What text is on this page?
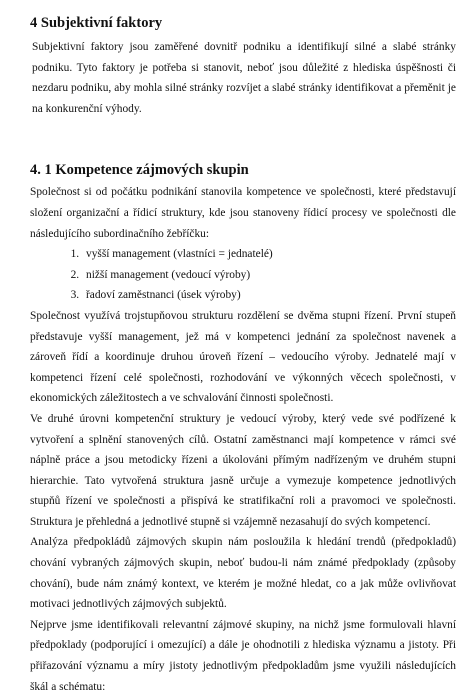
4 Subjektivní faktory

Subjektivní faktory jsou zaměřené dovnitř podniku a identifikují silné a slabé stránky podniku. Tyto faktory je potřeba si stanovit, neboť jsou důležité z hlediska úspěšnosti či nezdaru podniku, aby mohla silné stránky rozvíjet a slabé stránky identifikovat a přeměnit je na konkurenční výhody.

4. 1 Kompetence zájmových skupin

Společnost si od počátku podnikání stanovila kompetence ve společnosti, které představují složení organizační a řídicí struktury, kde jsou stanoveny řídicí procesy ve společnosti dle následujícího subordinačního žebříčku:

1. vyšší management (vlastníci = jednatelé)
2. nižší management (vedoucí výroby)
3. řadoví zaměstnanci (úsek výroby)

Společnost využívá trojstupňovou strukturu rozdělení se dvěma stupni řízení. První stupeň představuje vyšší management, jež má v kompetenci jednání za společnost navenek a zároveň řídí a koordinuje druhou úroveň řízení – vedoucího výroby. Jednatelé mají v kompetenci řízení celé společnosti, rozhodování ve výkonných věcech společnosti, v ekonomických záležitostech a ve schvalování činnosti společnosti.

Ve druhé úrovni kompetenční struktury je vedoucí výroby, který vede své podřízené k vytvoření a splnění stanovených cílů. Ostatní zaměstnanci mají kompetence v rámci své náplně práce a jsou metodicky řízeni a úkolováni přímým nadřízeným ve druhém stupni hierarchie. Tato vytvořená struktura jasně určuje a vymezuje kompetence jednotlivých stupňů řízení ve společnosti a přispívá ke stratifikační roli a pravomoci ve společnosti. Struktura je přehledná a jednotlivé stupně si vzájemně nezasahují do svých kompetencí.

Analýza předpokládů zájmových skupin nám posloužila k hledání trendů (předpokladů) chování vybraných zájmových skupin, neboť budou-li nám známé předpoklady (způsoby chování), bude nám známý kontext, ve kterém je možné hledat, co a jak může ovlivňovat motivaci jednotlivých zájmových subjektů.

Nejprve jsme identifikovali relevantní zájmové skupiny, na nichž jsme formulovali hlavní předpoklady (podporující i omezující) a dále je ohodnotili z hlediska významu a jistoty. Při přiřazování významu a míry jistoty jednotlivým předpokladům jsme využili následujících škál a schématu:
